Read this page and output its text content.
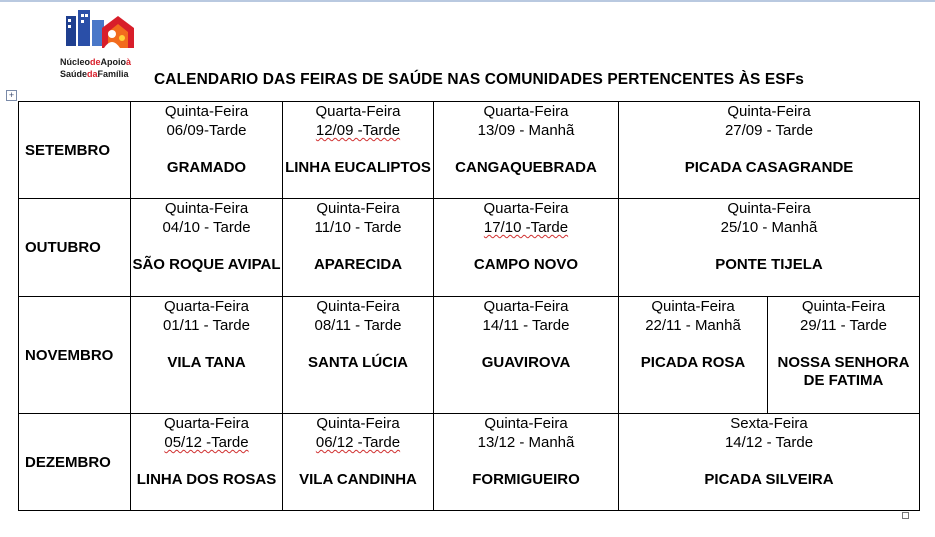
NúcleodeApoioà
SaúdedaFamília CALENDARIO DAS FEIRAS DE SAÚDE NAS COMUNIDADES PERTENCENTES ÀS ESFs
+
SETEMBRO	Quinta-Feira
06/09-Tarde
GRAMADO	Quarta-Feira
12/09 -Tarde
LINHA EUCALIPTOS	Quarta-Feira
13/09 - Manhã
CANGAQUEBRADA	Quinta-Feira
27/09 - Tarde
PICADA CASAGRANDE	

OUTUBRO	Quinta-Feira
04/10 - Tarde
SÃO ROQUE AVIPAL	Quinta-Feira
11/10 - Tarde
APARECIDA	Quarta-Feira
17/10 -Tarde
CAMPO NOVO	Quinta-Feira
25/10 - Manhã
PONTE TIJELA	

NOVEMBRO	Quarta-Feira
01/11 - Tarde
VILA TANA	Quinta-Feira
08/11 - Tarde
SANTA LÚCIA	Quarta-Feira
14/11 - Tarde
GUAVIROVA	Quinta-Feira
22/11 - Manhã
PICADA ROSA	Quinta-Feira
29/11 - Tarde
NOSSA SENHORA DE FATIMA

DEZEMBRO	Quarta-Feira
05/12 -Tarde
LINHA DOS ROSAS	Quinta-Feira
06/12 -Tarde
VILA CANDINHA	Quinta-Feira
13/12 - Manhã
FORMIGUEIRO	Sexta-Feira
14/12 - Tarde
PICADA SILVEIRA	
